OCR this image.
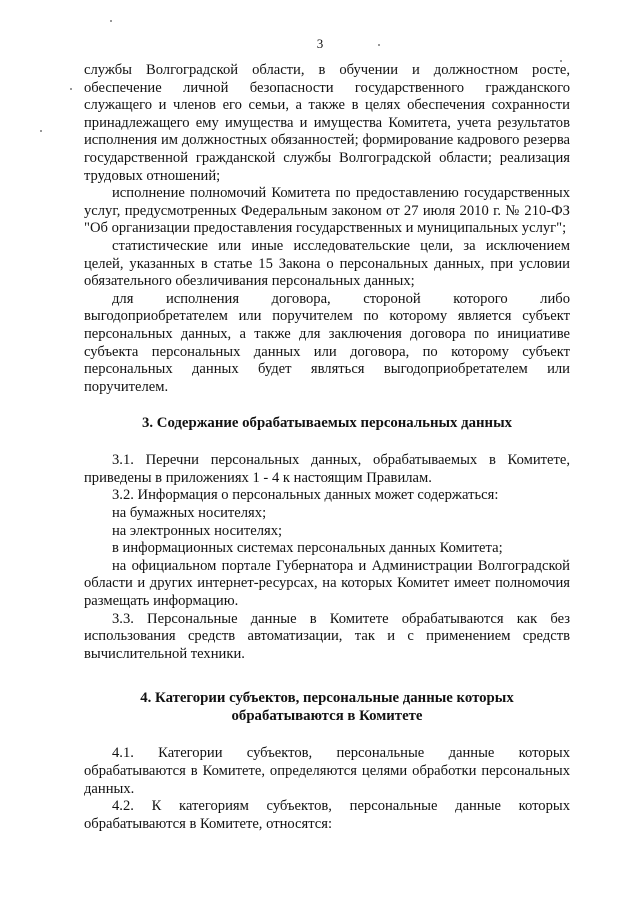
3

службы Волгоградской области, в обучении и должностном росте, обеспечение личной безопасности государственного гражданского служащего и членов его семьи, а также в целях обеспечения сохранности принадлежащего ему имущества и имущества Комитета, учета результатов исполнения им должностных обязанностей; формирование кадрового резерва государственной гражданской службы Волгоградской области; реализация трудовых отношений;

исполнение полномочий Комитета по предоставлению государственных услуг, предусмотренных Федеральным законом от 27 июля 2010 г. № 210-ФЗ "Об организации предоставления государственных и муниципальных услуг";

статистические или иные исследовательские цели, за исключением целей, указанных в статье 15 Закона о персональных данных, при условии обязательного обезличивания персональных данных;

для исполнения договора, стороной которого либо выгодоприобретателем или поручителем по которому является субъект персональных данных, а также для заключения договора по инициативе субъекта персональных данных или договора, по которому субъект персональных данных будет являться выгодоприобретателем или поручителем.

3. Содержание обрабатываемых персональных данных

3.1. Перечни персональных данных, обрабатываемых в Комитете, приведены в приложениях 1 - 4 к настоящим Правилам.

3.2. Информация о персональных данных может содержаться:

на бумажных носителях;

на электронных носителях;

в информационных системах персональных данных Комитета;

на официальном портале Губернатора и Администрации Волгоградской области и других интернет-ресурсах, на которых Комитет имеет полномочия размещать информацию.

3.3. Персональные данные в Комитете обрабатываются как без использования средств автоматизации, так и с применением средств вычислительной техники.

4. Категории субъектов, персональные данные которых
обрабатываются в Комитете

4.1. Категории субъектов, персональные данные которых обрабатываются в Комитете, определяются целями обработки персональных данных.

4.2. К категориям субъектов, персональные данные которых обрабатываются в Комитете, относятся:
